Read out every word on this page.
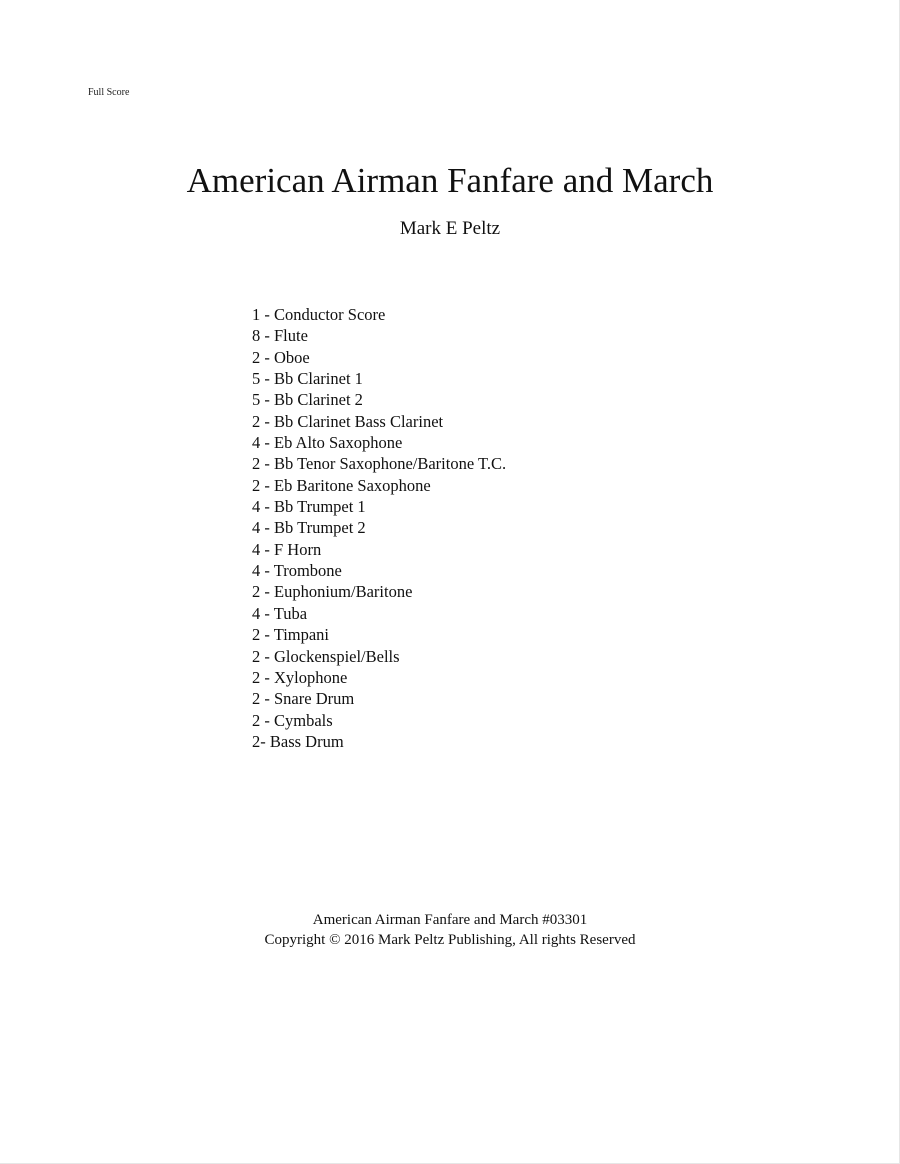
Full Score
American Airman Fanfare and March
Mark E Peltz
1 - Conductor Score
8 - Flute
2 - Oboe
5 - Bb Clarinet 1
5 - Bb Clarinet 2
2 - Bb Clarinet Bass Clarinet
4 - Eb Alto Saxophone
2 - Bb Tenor Saxophone/Baritone T.C.
2 - Eb Baritone Saxophone
4 - Bb Trumpet 1
4 - Bb Trumpet 2
4 - F Horn
4 - Trombone
2 - Euphonium/Baritone
4 - Tuba
2 - Timpani
2 - Glockenspiel/Bells
2 - Xylophone
2 - Snare Drum
2 - Cymbals
2- Bass Drum
American Airman Fanfare and March #03301
Copyright © 2016 Mark Peltz Publishing, All rights Reserved
